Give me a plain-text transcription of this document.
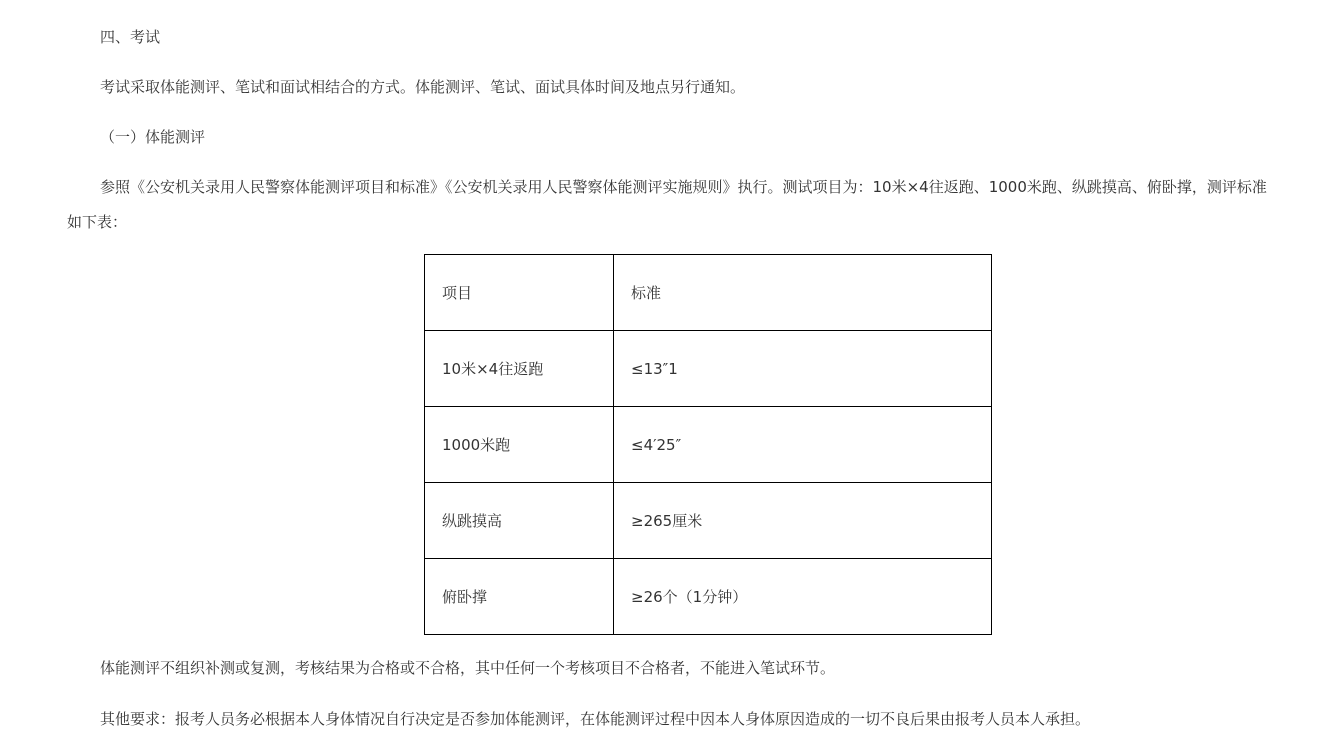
四、考试

考试采取体能测评、笔试和面试相结合的方式。体能测评、笔试、面试具体时间及地点另行通知。

（一）体能测评

参照《公安机关录用人民警察体能测评项目和标准》《公安机关录用人民警察体能测评实施规则》执行。测试项目为：10米×4往返跑、1000米跑、纵跳摸高、俯卧撑，测评标准

如下表：

项目	标准
10米×4往返跑	≤13″1
1000米跑	≤4′25″
纵跳摸高	≥265厘米
俯卧撑	≥26个（1分钟）

体能测评不组织补测或复测，考核结果为合格或不合格，其中任何一个考核项目不合格者，不能进入笔试环节。

其他要求：报考人员务必根据本人身体情况自行决定是否参加体能测评，在体能测评过程中因本人身体原因造成的一切不良后果由报考人员本人承担。
